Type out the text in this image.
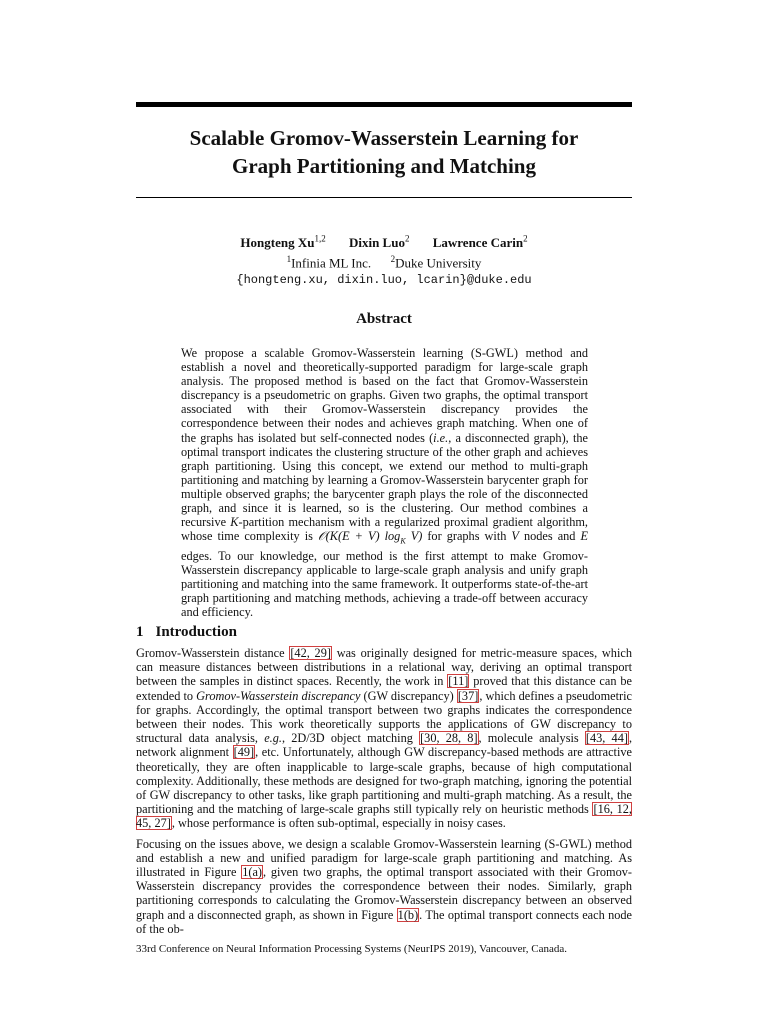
Scalable Gromov-Wasserstein Learning for
Graph Partitioning and Matching
Hongteng Xu$^{1,2}$ Dixin Luo$^2$ Lawrence Carin$^2$
$^1$Infinia ML Inc. $^2$Duke University
{hongteng.xu, dixin.luo, lcarin}@duke.edu
Abstract
We propose a scalable Gromov-Wasserstein learning (S-GWL) method and establish a novel and theoretically-supported paradigm for large-scale graph analysis. The proposed method is based on the fact that Gromov-Wasserstein discrepancy is a pseudometric on graphs. Given two graphs, the optimal transport associated with their Gromov-Wasserstein discrepancy provides the correspondence between their nodes and achieves graph matching. When one of the graphs has isolated but self-connected nodes (i.e., a disconnected graph), the optimal transport indicates the clustering structure of the other graph and achieves graph partitioning. Using this concept, we extend our method to multi-graph partitioning and matching by learning a Gromov-Wasserstein barycenter graph for multiple observed graphs; the barycenter graph plays the role of the disconnected graph, and since it is learned, so is the clustering. Our method combines a recursive K-partition mechanism with a regularized proximal gradient algorithm, whose time complexity is 𝒪(K(E + V) $\log_K V$) for graphs with V nodes and E edges. To our knowledge, our method is the first attempt to make Gromov-Wasserstein discrepancy applicable to large-scale graph analysis and unify graph partitioning and matching into the same framework. It outperforms state-of-the-art graph partitioning and matching methods, achieving a trade-off between accuracy and efficiency.
1 Introduction

Gromov-Wasserstein distance [42, 29] was originally designed for metric-measure spaces, which can measure distances between distributions in a relational way, deriving an optimal transport between the samples in distinct spaces. Recently, the work in [11] proved that this distance can be extended to Gromov-Wasserstein discrepancy (GW discrepancy) [37], which defines a pseudometric for graphs. Accordingly, the optimal transport between two graphs indicates the correspondence between their nodes. This work theoretically supports the applications of GW discrepancy to structural data analysis, e.g., 2D/3D object matching [30, 28, 8], molecule analysis [43, 44], network alignment [49], etc. Unfortunately, although GW discrepancy-based methods are attractive theoretically, they are often inapplicable to large-scale graphs, because of high computational complexity. Additionally, these methods are designed for two-graph matching, ignoring the potential of GW discrepancy to other tasks, like graph partitioning and multi-graph matching. As a result, the partitioning and the matching of large-scale graphs still typically rely on heuristic methods [16, 12, 45, 27], whose performance is often sub-optimal, especially in noisy cases.

Focusing on the issues above, we design a scalable Gromov-Wasserstein learning (S-GWL) method and establish a new and unified paradigm for large-scale graph partitioning and matching. As illustrated in Figure 1(a), given two graphs, the optimal transport associated with their Gromov-Wasserstein discrepancy provides the correspondence between their nodes. Similarly, graph partitioning corresponds to calculating the Gromov-Wasserstein discrepancy between an observed graph and a disconnected graph, as shown in Figure 1(b). The optimal transport connects each node of the ob-

33rd Conference on Neural Information Processing Systems (NeurIPS 2019), Vancouver, Canada.
